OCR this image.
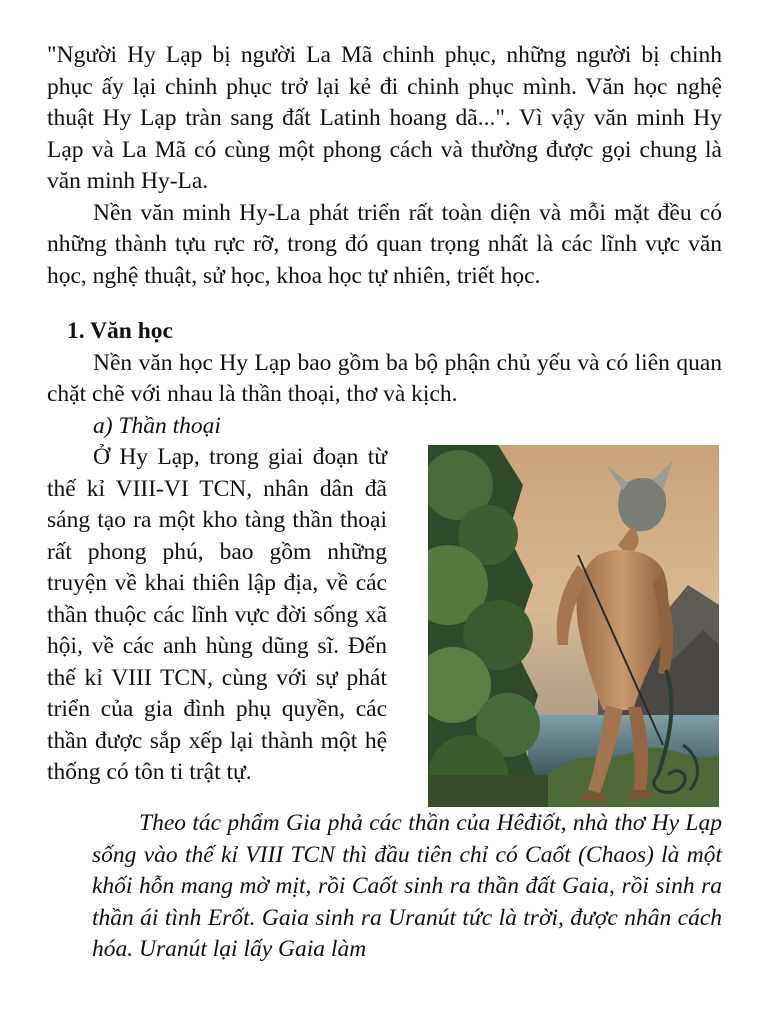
"Người Hy Lạp bị người La Mã chinh phục, những người bị chinh phục ấy lại chinh phục trở lại kẻ đi chinh phục mình. Văn học nghệ thuật Hy Lạp tràn sang đất Latinh hoang dã...". Vì vậy văn minh Hy Lạp và La Mã có cùng một phong cách và thường được gọi chung là văn minh Hy-La.

Nền văn minh Hy-La phát triển rất toàn diện và mỗi mặt đều có những thành tựu rực rỡ, trong đó quan trọng nhất là các lĩnh vực văn học, nghệ thuật, sử học, khoa học tự nhiên, triết học.

1. Văn học

Nền văn học Hy Lạp bao gồm ba bộ phận chủ yếu và có liên quan chặt chẽ với nhau là thần thoại, thơ và kịch.

a) Thần thoại

Ở Hy Lạp, trong giai đoạn từ thế kỉ VIII-VI TCN, nhân dân đã sáng tạo ra một kho tàng thần thoại rất phong phú, bao gồm những truyện về khai thiên lập địa, về các thần thuộc các lĩnh vực đời sống xã hội, về các anh hùng dũng sĩ. Đến thế kỉ VIII TCN, cùng với sự phát triển của gia đình phụ quyền, các thần được sắp xếp lại thành một hệ thống có tôn ti trật tự.

Theo tác phẩm Gia phả các thần của Hêđiốt, nhà thơ Hy Lạp sống vào thế kỉ VIII TCN thì đầu tiên chỉ có Caốt (Chaos) là một khối hỗn mang mờ mịt, rồi Caốt sinh ra thần đất Gaia, rồi sinh ra thần ái tình Erốt. Gaia sinh ra Uranút tức là trời, được nhân cách hóa. Uranút lại lấy Gaia làm
